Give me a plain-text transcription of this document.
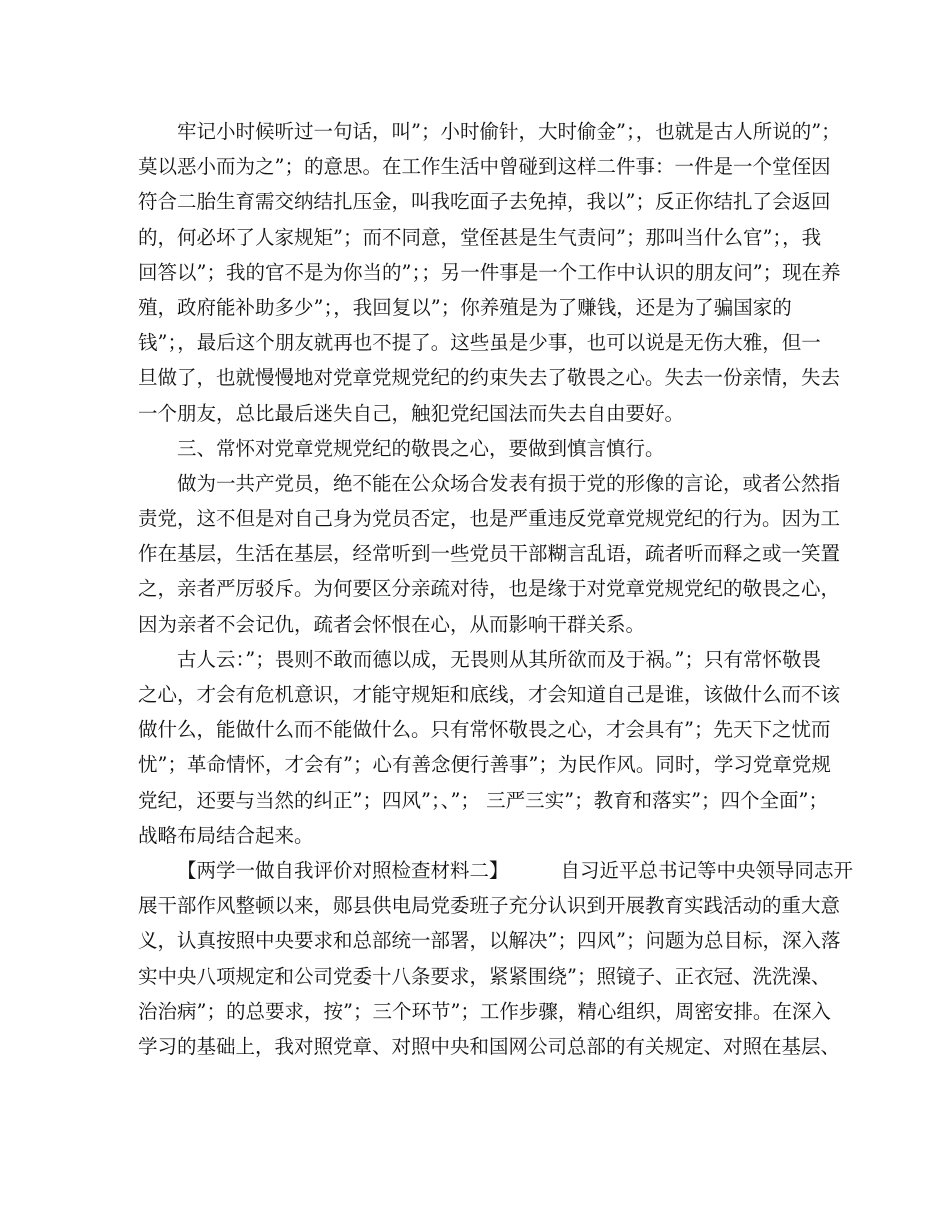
牢记小时候听过一句话，叫”；小时偷针，大时偷金”；，也就是古人所说的”；
莫以恶小而为之”；的意思。在工作生活中曾碰到这样二件事：一件是一个堂侄因
符合二胎生育需交纳结扎压金，叫我吃面子去免掉，我以”；反正你结扎了会返回
的，何必坏了人家规矩”；而不同意，堂侄甚是生气责问”；那叫当什么官”；，我
回答以”；我的官不是为你当的”；；另一件事是一个工作中认识的朋友问”；现在养
殖，政府能补助多少”；，我回复以”；你养殖是为了赚钱，还是为了骗国家的
钱”；，最后这个朋友就再也不提了。这些虽是少事，也可以说是无伤大雅，但一
旦做了，也就慢慢地对党章党规党纪的约束失去了敬畏之心。失去一份亲情，失去
一个朋友，总比最后迷失自己，触犯党纪国法而失去自由要好。
三、常怀对党章党规党纪的敬畏之心，要做到慎言慎行。
做为一共产党员，绝不能在公众场合发表有损于党的形像的言论，或者公然指
责党，这不但是对自己身为党员否定，也是严重违反党章党规党纪的行为。因为工
作在基层，生活在基层，经常听到一些党员干部糊言乱语，疏者听而释之或一笑置
之，亲者严厉驳斥。为何要区分亲疏对待，也是缘于对党章党规党纪的敬畏之心，
因为亲者不会记仇，疏者会怀恨在心，从而影响干群关系。
古人云：”；畏则不敢而德以成，无畏则从其所欲而及于祸。”；只有常怀敬畏
之心，才会有危机意识，才能守规矩和底线，才会知道自己是谁，该做什么而不该
做什么，能做什么而不能做什么。只有常怀敬畏之心，才会具有”；先天下之忧而
忧”；革命情怀，才会有”；心有善念便行善事”；为民作风。同时，学习党章党规
党纪，还要与当然的纠正”；四风”；、”； 三严三实”；教育和落实”；四个全面”；
战略布局结合起来。
【两学一做自我评价对照检查材料二】	自习近平总书记等中央领导同志开
展干部作风整顿以来，郧县供电局党委班子充分认识到开展教育实践活动的重大意
义，认真按照中央要求和总部统一部署，以解决”；四风”；问题为总目标，深入落
实中央八项规定和公司党委十八条要求，紧紧围绕”；照镜子、正衣冠、洗洗澡、
治治病”；的总要求，按”；三个环节”；工作步骤，精心组织，周密安排。在深入
学习的基础上，我对照党章、对照中央和国网公司总部的有关规定、对照在基层、
